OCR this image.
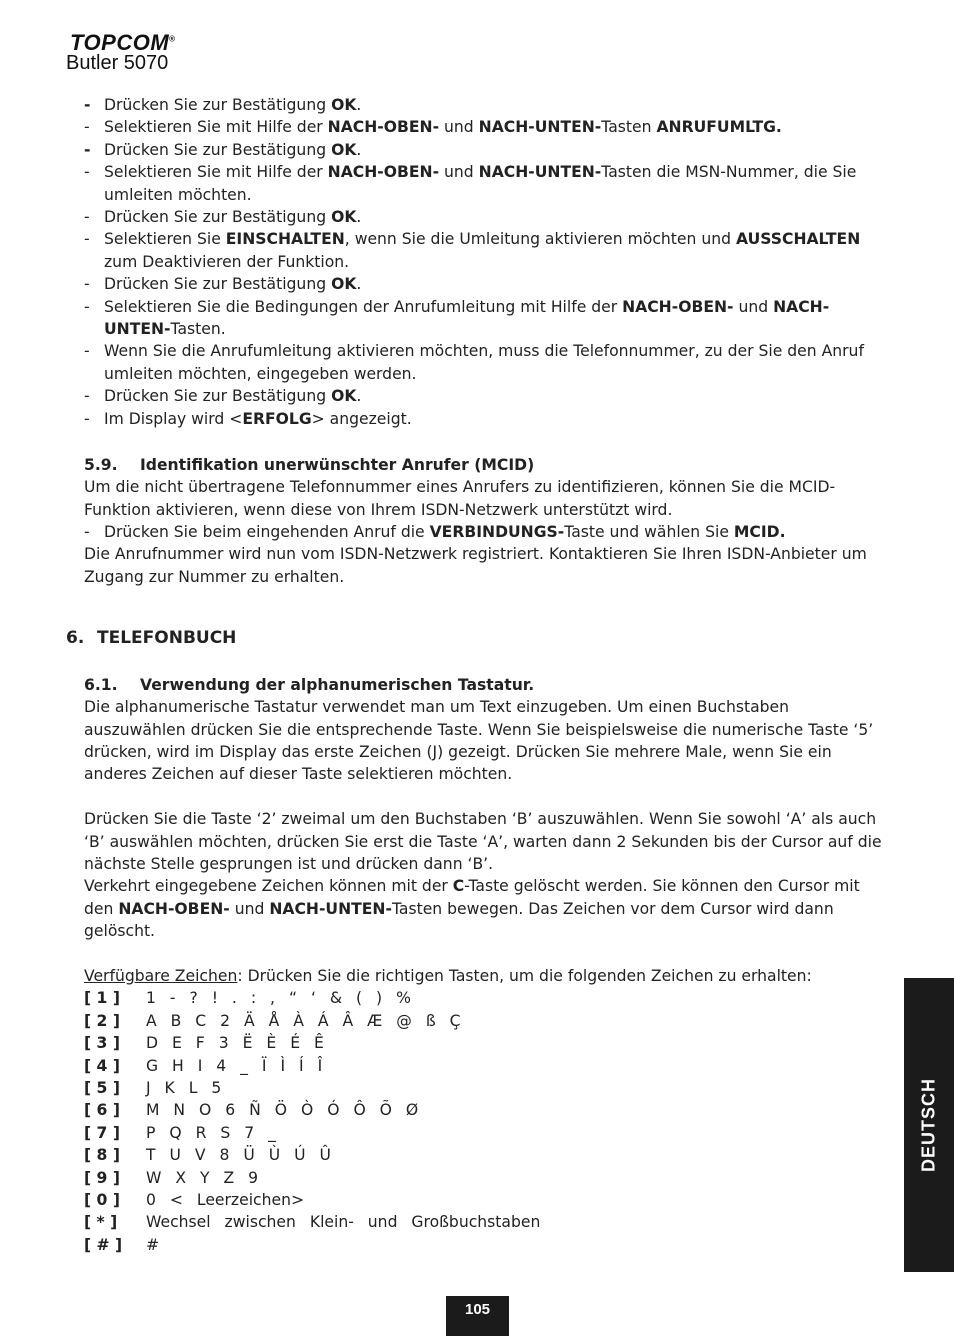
TOPCOM®
Butler 5070
- Drücken Sie zur Bestätigung OK.
- Selektieren Sie mit Hilfe der NACH-OBEN- und NACH-UNTEN-Tasten ANRUFUMLTG.
- Drücken Sie zur Bestätigung OK.
- Selektieren Sie mit Hilfe der NACH-OBEN- und NACH-UNTEN-Tasten die MSN-Nummer, die Sie umleiten möchten.
- Drücken Sie zur Bestätigung OK.
- Selektieren Sie EINSCHALTEN, wenn Sie die Umleitung aktivieren möchten und AUSSCHALTEN zum Deaktivieren der Funktion.
- Drücken Sie zur Bestätigung OK.
- Selektieren Sie die Bedingungen der Anrufumleitung mit Hilfe der NACH-OBEN- und NACH-UNTEN-Tasten.
- Wenn Sie die Anrufumleitung aktivieren möchten, muss die Telefonnummer, zu der Sie den Anruf umleiten möchten, eingegeben werden.
- Drücken Sie zur Bestätigung OK.
- Im Display wird <ERFOLG> angezeigt.
5.9. Identifikation unerwünschter Anrufer (MCID)

Um die nicht übertragene Telefonnummer eines Anrufers zu identifizieren, können Sie die MCID-Funktion aktivieren, wenn diese von Ihrem ISDN-Netzwerk unterstützt wird.

- Drücken Sie beim eingehenden Anruf die VERBINDUNGS-Taste und wählen Sie MCID.

Die Anrufnummer wird nun vom ISDN-Netzwerk registriert. Kontaktieren Sie Ihren ISDN-Anbieter um Zugang zur Nummer zu erhalten.

6. TELEFONBUCH
6.1. Verwendung der alphanumerischen Tastatur.

Die alphanumerische Tastatur verwendet man um Text einzugeben. Um einen Buchstaben auszuwählen drücken Sie die entsprechende Taste. Wenn Sie beispielsweise die numerische Taste ‘5’ drücken, wird im Display das erste Zeichen (J) gezeigt. Drücken Sie mehrere Male, wenn Sie ein anderes Zeichen auf dieser Taste selektieren möchten.

Drücken Sie die Taste ‘2’ zweimal um den Buchstaben ‘B’ auszuwählen. Wenn Sie sowohl ‘A’ als auch ‘B’ auswählen möchten, drücken Sie erst die Taste ‘A’, warten dann 2 Sekunden bis der Cursor auf die nächste Stelle gesprungen ist und drücken dann ‘B’.

Verkehrt eingegebene Zeichen können mit der C-Taste gelöscht werden. Sie können den Cursor mit den NACH-OBEN- und NACH-UNTEN-Tasten bewegen. Das Zeichen vor dem Cursor wird dann gelöscht.

Verfügbare Zeichen: Drücken Sie die richtigen Tasten, um die folgenden Zeichen zu erhalten:

[ 1 ]	1 - ? ! . : , “ ‘ & ( ) %
[ 2 ]	A B C 2 Ä Å À Á Â Æ @ ß Ç
[ 3 ]	D E F 3 Ë È É Ê
[ 4 ]	G H I 4 _ Ï Ì Í Î
[ 5 ]	J K L 5
[ 6 ]	M N O 6 Ñ Ö Ò Ó Ô Õ Ø
[ 7 ]	P Q R S 7 _
[ 8 ]	T U V 8 Ü Ù Ú Û
[ 9 ]	W X Y Z 9
[ 0 ]	0 < Leerzeichen>
[ * ]	Wechsel zwischen Klein- und Großbuchstaben
[ # ]	#
DEUTSCH
105
